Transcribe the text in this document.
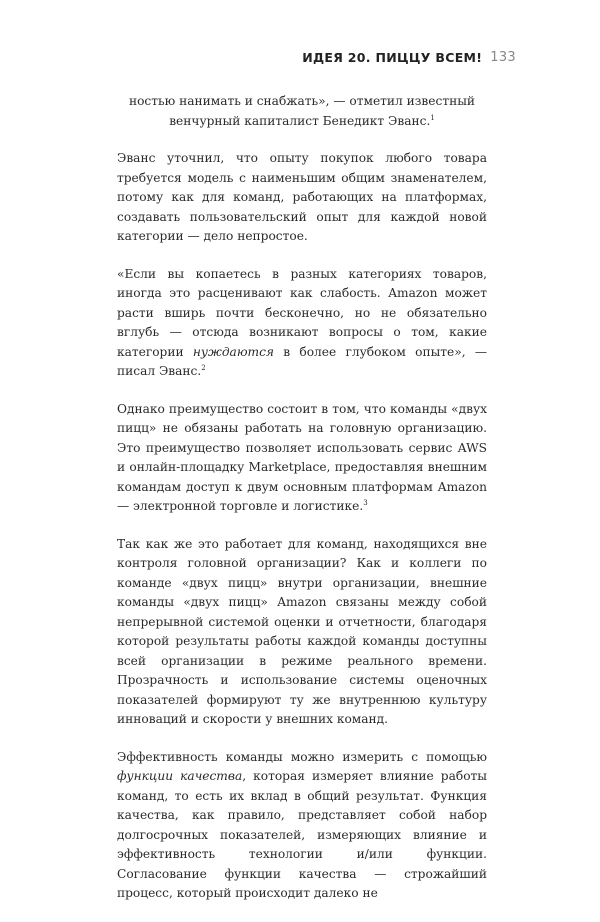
ИДЕЯ 20. ПИЦЦУ ВСЕМ! 133

ностью нанимать и снабжать», — отметил известный венчурный капиталист Бенедикт Эванс.$^1$

Эванс уточнил, что опыту покупок любого товара требуется модель с наименьшим общим знаменателем, потому как для команд, работающих на платформах, создавать пользовательский опыт для каждой новой категории — дело непростое.

«Если вы копаетесь в разных категориях товаров, иногда это расценивают как слабость. Amazon может расти вширь почти бесконечно, но не обязательно вглубь — отсюда возникают вопросы о том, какие категории нуждаются в более глубоком опыте», — писал Эванс.$^2$

Однако преимущество состоит в том, что команды «двух пицц» не обязаны работать на головную организацию. Это преимущество позволяет использовать сервис AWS и онлайн-площадку Marketplace, предоставляя внешним командам доступ к двум основным платформам Amazon — электронной торговле и логистике.$^3$

Так как же это работает для команд, находящихся вне контроля головной организации? Как и коллеги по команде «двух пицц» внутри организации, внешние команды «двух пицц» Amazon связаны между собой непрерывной системой оценки и отчетности, благодаря которой результаты работы каждой команды доступны всей организации в режиме реального времени. Прозрачность и использование системы оценочных показателей формируют ту же внутреннюю культуру инноваций и скорости у внешних команд.

Эффективность команды можно измерить с помощью функции качества, которая измеряет влияние работы команд, то есть их вклад в общий результат. Функция качества, как правило, представляет собой набор долгосрочных показателей, измеряющих влияние и эффективность технологии и/или функции. Согласование функции качества — строжайший процесс, который происходит далеко не
